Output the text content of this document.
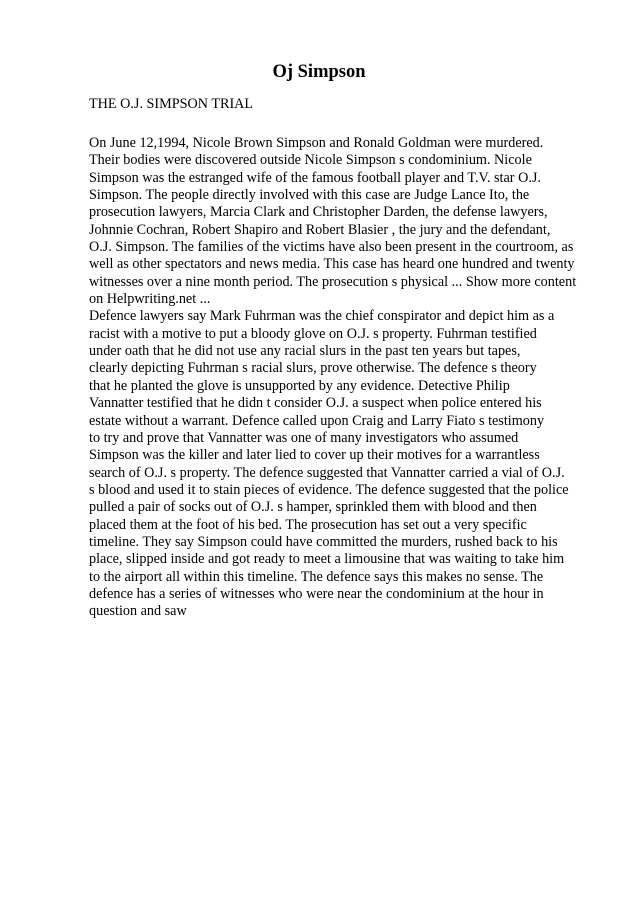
Oj Simpson

THE O.J. SIMPSON TRIAL

On June 12,1994, Nicole Brown Simpson and Ronald Goldman were murdered.
Their bodies were discovered outside Nicole Simpson s condominium. Nicole
Simpson was the estranged wife of the famous football player and T.V. star O.J.
Simpson. The people directly involved with this case are Judge Lance Ito, the
prosecution lawyers, Marcia Clark and Christopher Darden, the defense lawyers,
Johnnie Cochran, Robert Shapiro and Robert Blasier , the jury and the defendant,
O.J. Simpson. The families of the victims have also been present in the courtroom, as
well as other spectators and news media. This case has heard one hundred and twenty
witnesses over a nine month period. The prosecution s physical ... Show more content
on Helpwriting.net ...
Defence lawyers say Mark Fuhrman was the chief conspirator and depict him as a
racist with a motive to put a bloody glove on O.J. s property. Fuhrman testified
under oath that he did not use any racial slurs in the past ten years but tapes,
clearly depicting Fuhrman s racial slurs, prove otherwise. The defence s theory
that he planted the glove is unsupported by any evidence. Detective Philip
Vannatter testified that he didn t consider O.J. a suspect when police entered his
estate without a warrant. Defence called upon Craig and Larry Fiato s testimony
to try and prove that Vannatter was one of many investigators who assumed
Simpson was the killer and later lied to cover up their motives for a warrantless
search of O.J. s property. The defence suggested that Vannatter carried a vial of O.J.
s blood and used it to stain pieces of evidence. The defence suggested that the police
pulled a pair of socks out of O.J. s hamper, sprinkled them with blood and then
placed them at the foot of his bed. The prosecution has set out a very specific
timeline. They say Simpson could have committed the murders, rushed back to his
place, slipped inside and got ready to meet a limousine that was waiting to take him
to the airport all within this timeline. The defence says this makes no sense. The
defence has a series of witnesses who were near the condominium at the hour in
question and saw
